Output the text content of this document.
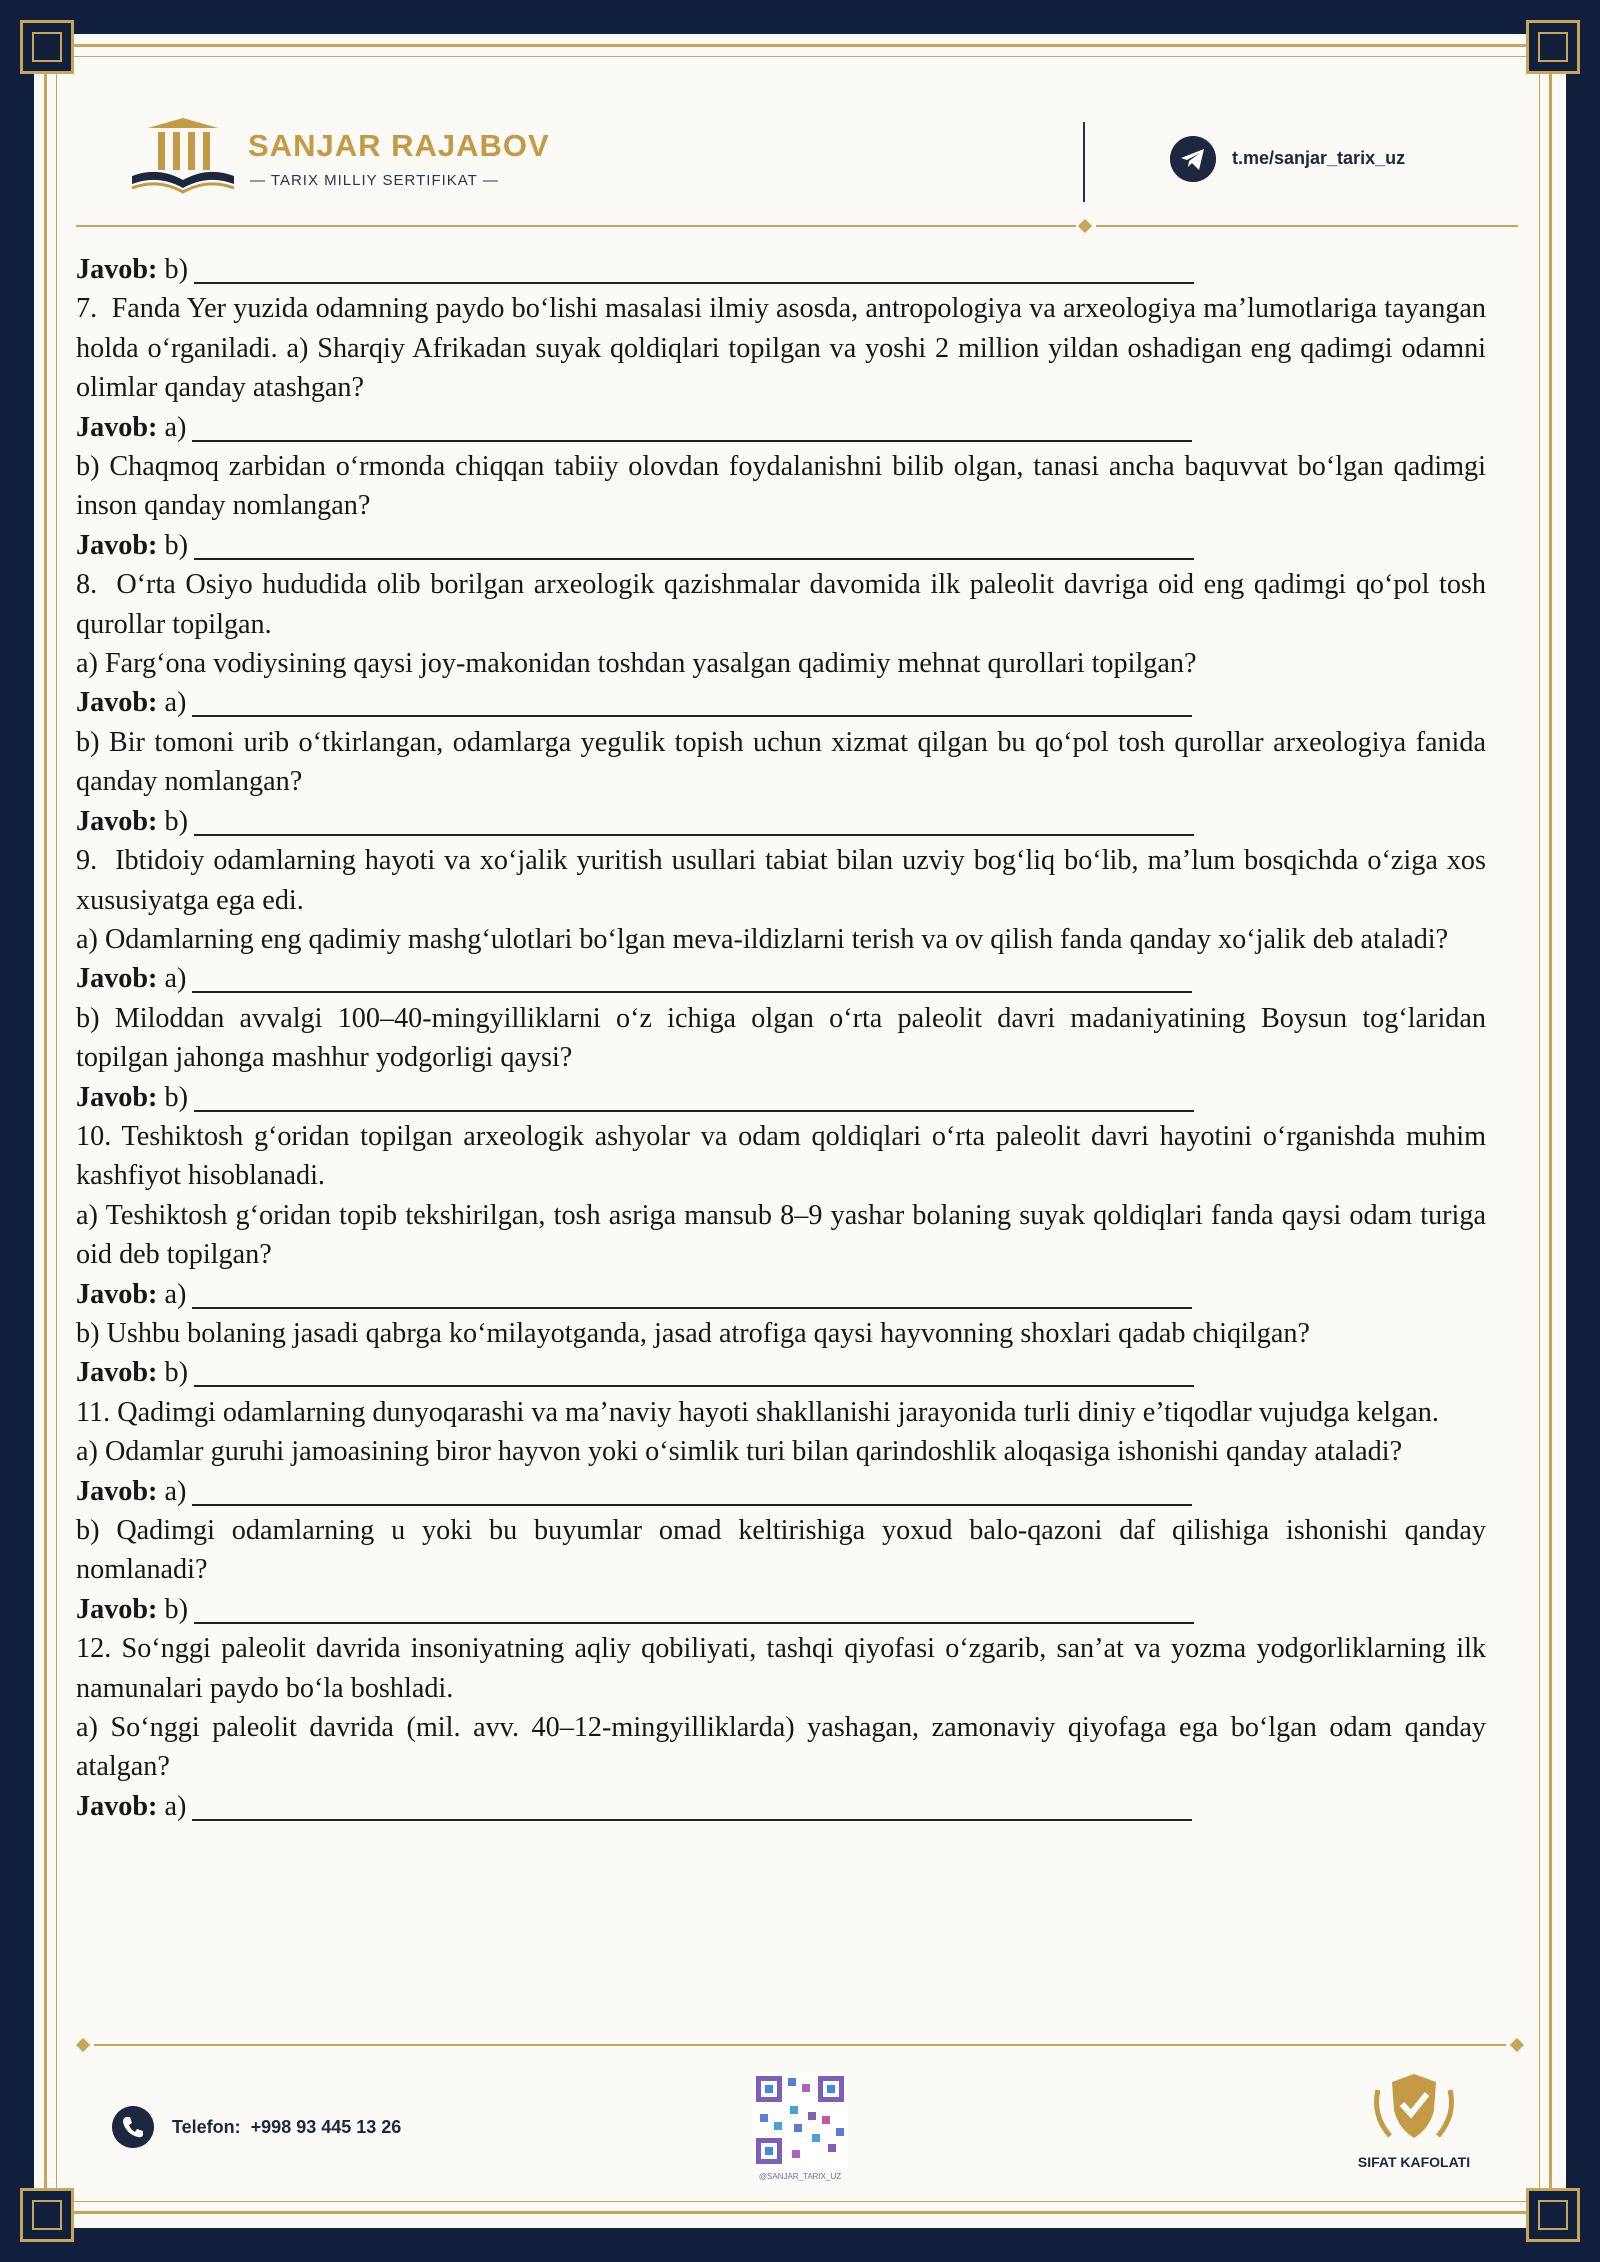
SANJAR RAJABOV
— TARIX MILLIY SERTIFIKAT —
t.me/sanjar_tarix_uz
Javob: b)

7.  Fanda Yer yuzida odamning paydo bo‘lishi masalasi ilmiy asosda, antropologiya va arxeologiya ma’lumotlariga tayangan holda o‘rganiladi. a) Sharqiy Afrikadan suyak qoldiqlari topilgan va yoshi 2 million yildan oshadigan eng qadimgi odamni olimlar qanday atashgan?

Javob: a)

b) Chaqmoq zarbidan o‘rmonda chiqqan tabiiy olovdan foydalanishni bilib olgan, tanasi ancha baquvvat bo‘lgan qadimgi inson qanday nomlangan?

Javob: b)

8.  O‘rta Osiyo hududida olib borilgan arxeologik qazishmalar davomida ilk paleolit davriga oid eng qadimgi qo‘pol tosh qurollar topilgan.

a) Farg‘ona vodiysining qaysi joy-makonidan toshdan yasalgan qadimiy mehnat qurollari topilgan?

Javob: a)

b) Bir tomoni urib o‘tkirlangan, odamlarga yegulik topish uchun xizmat qilgan bu qo‘pol tosh qurollar arxeologiya fanida qanday nomlangan?

Javob: b)

9.  Ibtidoiy odamlarning hayoti va xo‘jalik yuritish usullari tabiat bilan uzviy bog‘liq bo‘lib, ma’lum bosqichda o‘ziga xos xususiyatga ega edi.

a) Odamlarning eng qadimiy mashg‘ulotlari bo‘lgan meva-ildizlarni terish va ov qilish fanda qanday xo‘jalik deb ataladi?

Javob: a)

b) Miloddan avvalgi 100–40-mingyilliklarni o‘z ichiga olgan o‘rta paleolit davri madaniyatining Boysun tog‘laridan topilgan jahonga mashhur yodgorligi qaysi?

Javob: b)

10. Teshiktosh g‘oridan topilgan arxeologik ashyolar va odam qoldiqlari o‘rta paleolit davri hayotini o‘rganishda muhim kashfiyot hisoblanadi.

a) Teshiktosh g‘oridan topib tekshirilgan, tosh asriga mansub 8–9 yashar bolaning suyak qoldiqlari fanda qaysi odam turiga oid deb topilgan?

Javob: a)

b) Ushbu bolaning jasadi qabrga ko‘milayotganda, jasad atrofiga qaysi hayvonning shoxlari qadab chiqilgan?

Javob: b)

11. Qadimgi odamlarning dunyoqarashi va ma’naviy hayoti shakllanishi jarayonida turli diniy e’tiqodlar vujudga kelgan.

a) Odamlar guruhi jamoasining biror hayvon yoki o‘simlik turi bilan qarindoshlik aloqasiga ishonishi qanday ataladi?

Javob: a)

b) Qadimgi odamlarning u yoki bu buyumlar omad keltirishiga yoxud balo-qazoni daf qilishiga ishonishi qanday nomlanadi?

Javob: b)

12. So‘nggi paleolit davrida insoniyatning aqliy qobiliyati, tashqi qiyofasi o‘zgarib, san’at va yozma yodgorliklarning ilk namunalari paydo bo‘la boshladi.

a) So‘nggi paleolit davrida (mil. avv. 40–12-mingyilliklarda) yashagan, zamonaviy qiyofaga ega bo‘lgan odam qanday atalgan?

Javob: a)
Telefon:  +998 93 445 13 26
@SANJAR_TARIX_UZ
SIFAT KAFOLATI
